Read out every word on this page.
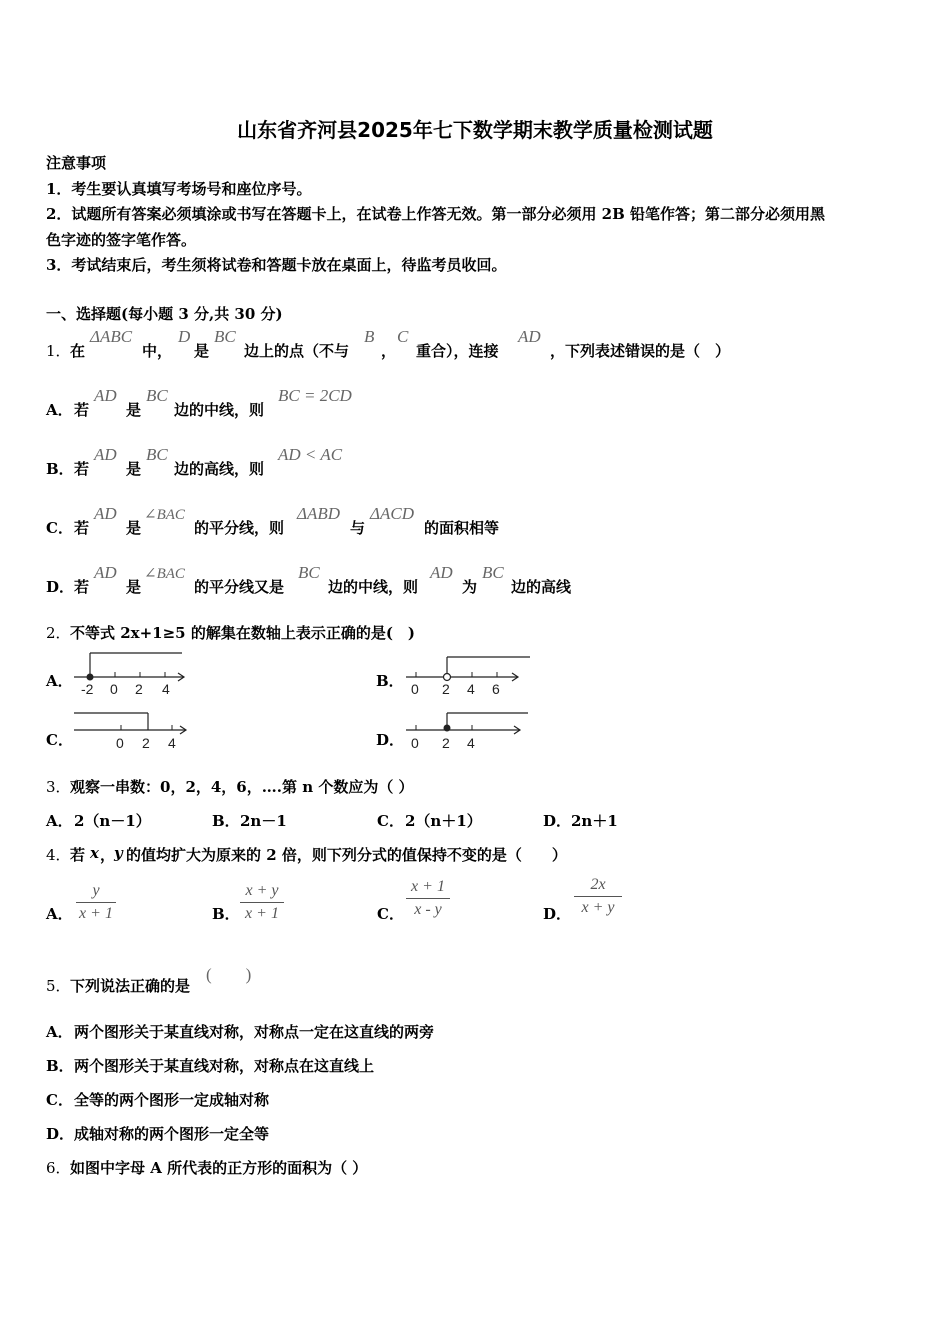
山东省齐河县2025年七下数学期末教学质量检测试题
注意事项
1．考生要认真填写考场号和座位序号。
2．试题所有答案必须填涂或书写在答题卡上，在试卷上作答无效。第一部分必须用 2B 铅笔作答；第二部分必须用黑
色字迹的签字笔作答。
3．考试结束后，考生须将试卷和答题卡放在桌面上，待监考员收回。
一、选择题(每小题 3 分,共 30 分)
1． 在
ΔABC
中，
D
是
BC
边上的点（不与
B
，
C
重合），连接
AD
，下列表述错误的是（　）
A． 若
AD
是
BC
边的中线，则
BC = 2CD
B． 若
AD
是
BC
边的高线，则
AD < AC
C． 若
AD
是
∠BAC
的平分线，则
ΔABD
与
ΔACD
的面积相等
D． 若
AD
是
∠BAC
的平分线又是
BC
边的中线，则
AD
为
BC
边的高线
2． 不等式 2x+1≥5 的解集在数轴上表示正确的是(　)
A． -2 0 2 4	B． 0 2 4 6
C．	0 2 4	D． 0 2 4
3． 观察一串数：0，2，4，6，….第 n 个数应为（ ）
A． 2（n－1）	B． 2n－1	C． 2（n＋1）	D． 2n＋1
4． 若 x ，
y 的值均扩大为原来的 2 倍，则下列分式的值保持不变的是（　　）
A．
y
x + 1	B．
x + y
x + 1	C．
x + 1
x - y	D．
2x
x + y
5． 下列说法正确的是
(　　)
A． 两个图形关于某直线对称，对称点一定在这直线的两旁
B． 两个图形关于某直线对称，对称点在这直线上
C． 全等的两个图形一定成轴对称
D． 成轴对称的两个图形一定全等
6． 如图中字母 A 所代表的正方形的面积为（ ）
